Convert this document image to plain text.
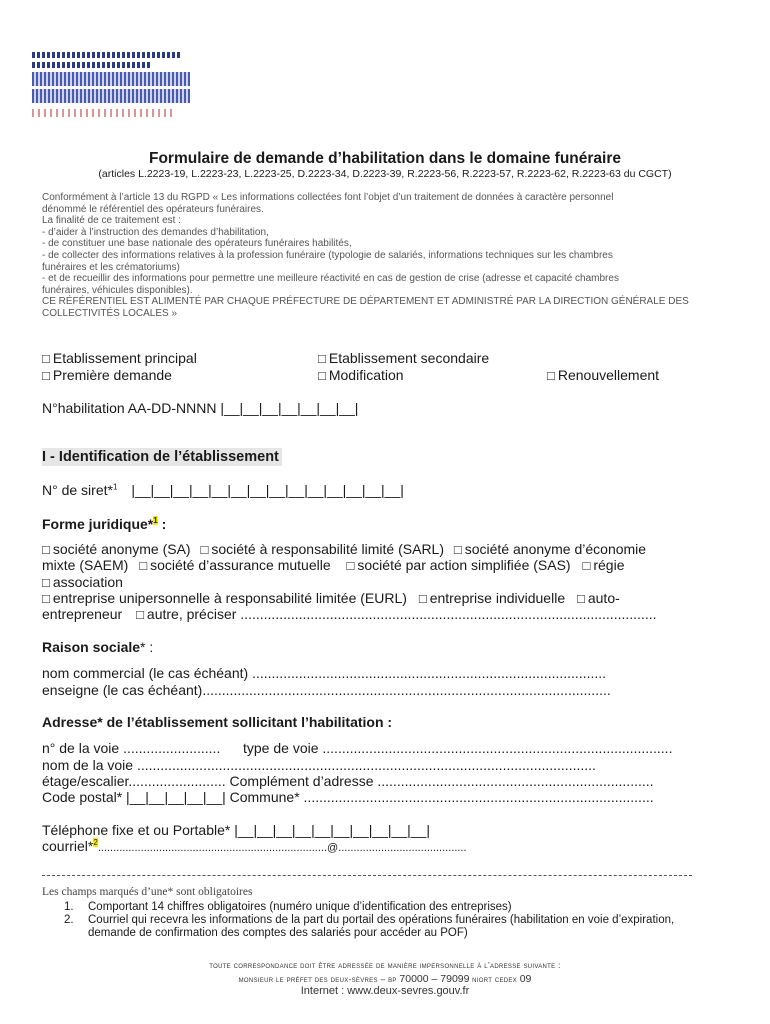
Formulaire de demande d’habilitation dans le domaine funéraire
(articles L.2223-19, L.2223-23, L.2223-25, D.2223-34, D.2223-39, R.2223-56, R.2223-57, R.2223-62, R.2223-63 du CGCT)
Conformément à l’article 13 du RGPD « Les informations collectées font l’objet d’un traitement de données à caractère personnel
dénommé le référentiel des opérateurs funéraires.
La finalité de ce traitement est :
- d’aider à l’instruction des demandes d’habilitation,
- de constituer une base nationale des opérateurs funéraires habilités,
- de collecter des informations relatives à la profession funéraire (typologie de salariés, informations techniques sur les chambres
funéraires et les crématoriums)
- et de recueillir des informations pour permettre une meilleure réactivité en cas de gestion de crise (adresse et capacité chambres
funéraires, véhicules disponibles).
CE RÉFÉRENTIEL EST ALIMENTÉ PAR CHAQUE PRÉFECTURE DE DÉPARTEMENT ET ADMINISTRÉ PAR LA DIRECTION GÉNÉRALE DES
COLLECTIVITÉS LOCALES »
□ Etablissement principal	□ Etablissement secondaire
□ Première demande	□ Modification	□ Renouvellement
N°habilitation AA-DD-NNNN |__|__|__|__|__|__|__|
I - Identification de l’établissement
N° de siret*$^1$ |__|__|__|__|__|__|__|__|__|__|__|__|__|__|
Forme juridique*$^1$ :
□ société anonyme (SA) □ société à responsabilité limité (SARL) □ société anonyme d’économie
mixte (SAEM) □ société d’assurance mutuelle □ société par action simplifiée (SAS) □ régie
□ association
□ entreprise unipersonnelle à responsabilité limitée (EURL) □ entreprise individuelle □ auto-
entrepreneur □ autre, préciser ...........................................................................................................
Raison sociale* :
nom commercial (le cas échéant) ...........................................................................................
enseigne (le cas échéant).........................................................................................................
Adresse* de l’établissement sollicitant l’habilitation :
n° de la voie ......................... type de voie ..........................................................................................
nom de la voie ......................................................................................................................
étage/escalier......................... Complément d’adresse .......................................................................
Code postal* |__|__|__|__|__| Commune* ..........................................................................................
Téléphone fixe et ou Portable* |__|__|__|__|__|__|__|__|__|__|
courriel*$^2$...........................................................................@..........................................
Les champs marqués d’une* sont obligatoires
1. Comportant 14 chiffres obligatoires (numéro unique d’identification des entreprises)
2. Courriel qui recevra les informations de la part du portail des opérations funéraires (habilitation en voie d’expiration, demande de confirmation des comptes des salariés pour accéder au POF)
toute correspondance doit être adressée de manière impersonnelle à l’adresse suivante :
monsieur le préfet des deux-sèvres – bp 70000 – 79099 niort cedex 09
Internet : www.deux-sevres.gouv.fr
